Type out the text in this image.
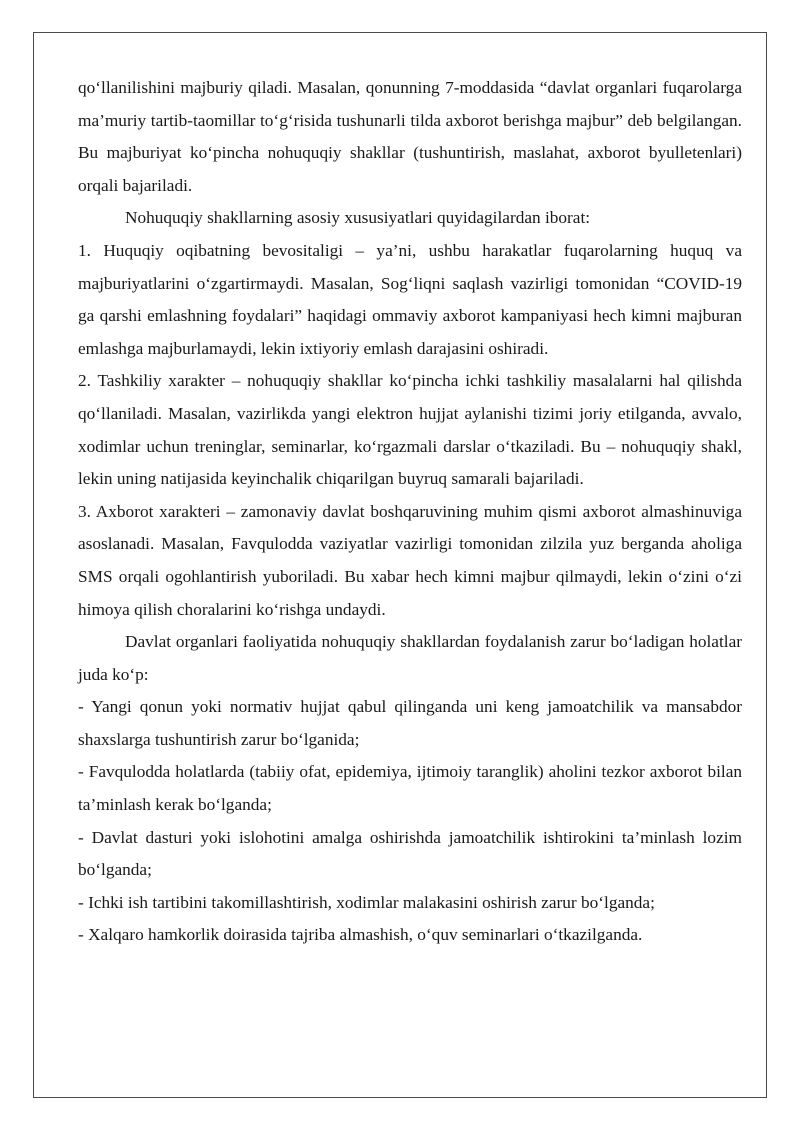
qo‘llanilishini majburiy qiladi. Masalan, qonunning 7-moddasida “davlat organlari fuqarolarga ma’muriy tartib-taomillar to‘g‘risida tushunarli tilda axborot berishga majbur” deb belgilangan. Bu majburiyat ko‘pincha nohuquqiy shakllar (tushuntirish, maslahat, axborot byulletenlari) orqali bajariladi.

Nohuquqiy shakllarning asosiy xususiyatlari quyidagilardan iborat:

1. Huquqiy oqibatning bevositaligi – ya’ni, ushbu harakatlar fuqarolarning huquq va majburiyatlarini o‘zgartirmaydi. Masalan, Sog‘liqni saqlash vazirligi tomonidan “COVID-19 ga qarshi emlashning foydalari” haqidagi ommaviy axborot kampaniyasi hech kimni majburan emlashga majburlamaydi, lekin ixtiyoriy emlash darajasini oshiradi.

2. Tashkiliy xarakter – nohuquqiy shakllar ko‘pincha ichki tashkiliy masalalarni hal qilishda qo‘llaniladi. Masalan, vazirlikda yangi elektron hujjat aylanishi tizimi joriy etilganda, avvalo, xodimlar uchun treninglar, seminarlar, ko‘rgazmali darslar o‘tkaziladi. Bu – nohuquqiy shakl, lekin uning natijasida keyinchalik chiqarilgan buyruq samarali bajariladi.

3. Axborot xarakteri – zamonaviy davlat boshqaruvining muhim qismi axborot almashinuviga asoslanadi. Masalan, Favqulodda vaziyatlar vazirligi tomonidan zilzila yuz berganda aholiga SMS orqali ogohlantirish yuboriladi. Bu xabar hech kimni majbur qilmaydi, lekin o‘zini o‘zi himoya qilish choralarini ko‘rishga undaydi.

Davlat organlari faoliyatida nohuquqiy shakllardan foydalanish zarur bo‘ladigan holatlar juda ko‘p:

- Yangi qonun yoki normativ hujjat qabul qilinganda uni keng jamoatchilik va mansabdor shaxslarga tushuntirish zarur bo‘lganida;

- Favqulodda holatlarda (tabiiy ofat, epidemiya, ijtimoiy taranglik) aholini tezkor axborot bilan ta’minlash kerak bo‘lganda;

- Davlat dasturi yoki islohotini amalga oshirishda jamoatchilik ishtirokini ta’minlash lozim bo‘lganda;

- Ichki ish tartibini takomillashtirish, xodimlar malakasini oshirish zarur bo‘lganda;

- Xalqaro hamkorlik doirasida tajriba almashish, o‘quv seminarlari o‘tkazilganda.
